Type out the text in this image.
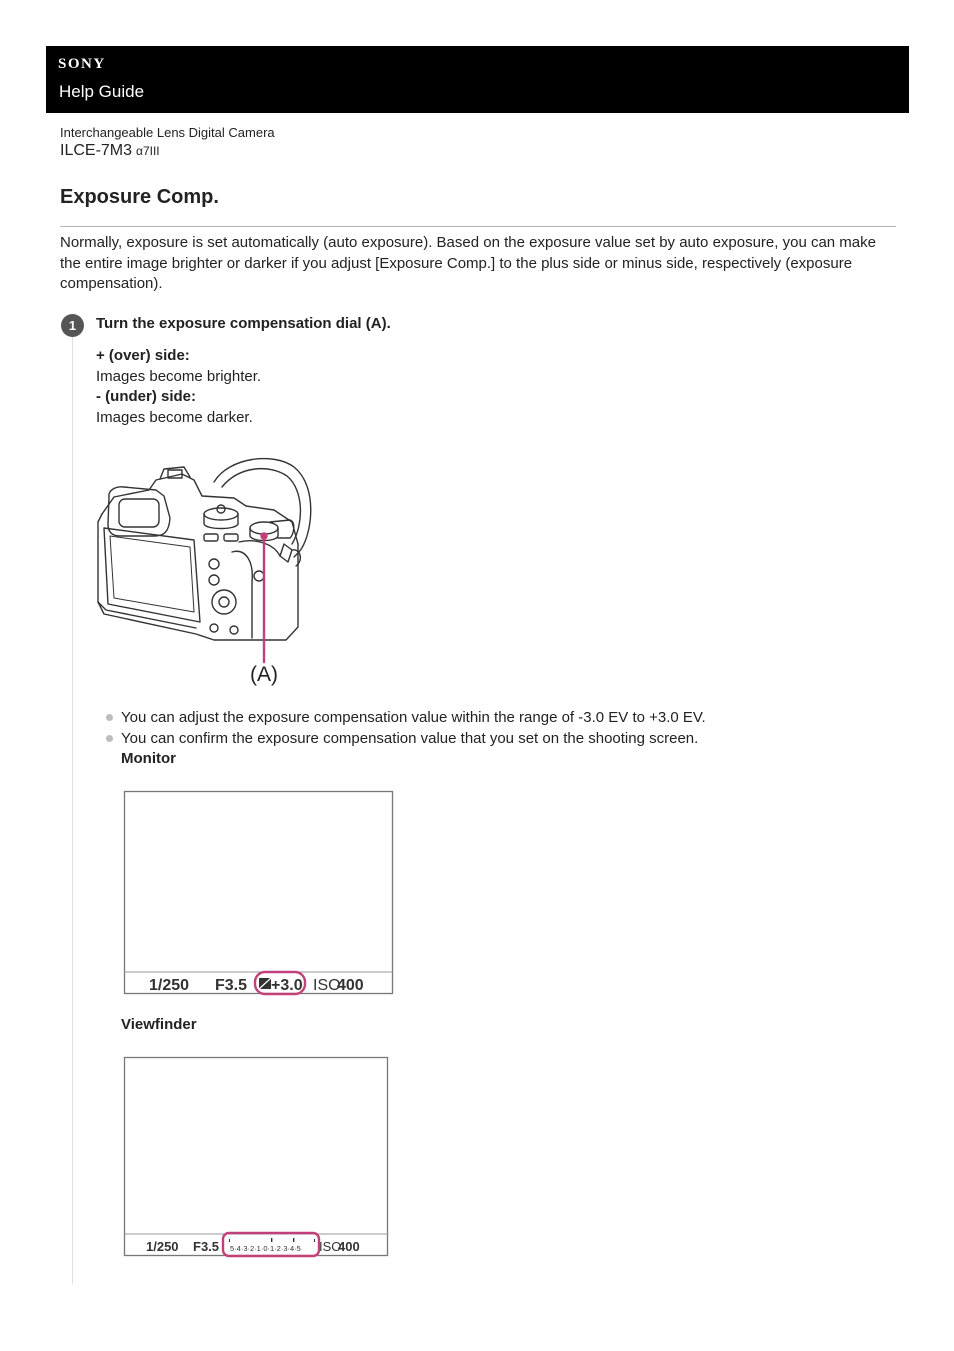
SONY
Help Guide
Interchangeable Lens Digital Camera
ILCE-7M3 α7III
Exposure Comp.

Normally, exposure is set automatically (auto exposure). Based on the exposure value set by auto exposure, you can make the entire image brighter or darker if you adjust [Exposure Comp.] to the plus side or minus side, respectively (exposure compensation).

1	Turn the exposure compensation dial (A).
+ (over) side:
Images become brighter.
- (under) side:
Images become darker.
(A)
You can adjust the exposure compensation value within the range of -3.0 EV to +3.0 EV.
You can confirm the exposure compensation value that you set on the shooting screen.
Monitor
1/250 F3.5 +3.0 ISO
400
Viewfinder
1/250 F3.5 5·4·3·2·1·0·1·2·3·4·5 ISO
400
